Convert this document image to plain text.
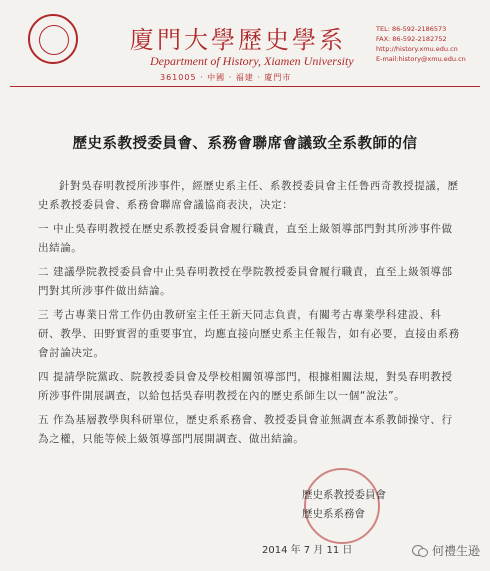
廈門大學歷史學系
Department of History, Xiamen University
361005 · 中國 · 福建 · 廈門市
TEL: 86-592-2186573
FAX: 86-592-2182752
http://history.xmu.edu.cn
E-mail:history@xmu.edu.cn
歷史系教授委員會、系務會聯席會議致全系教師的信

針對吳春明教授所涉事件，經歷史系主任、系教授委員會主任鲁西奇教授提議，歷史系教授委員會、系務會聯席會議協商表決，决定：

一 中止吳春明教授在歷史系教授委員會履行職責，直至上級領導部門對其所涉事件做出結論。

二 建議學院教授委員會中止吳春明教授在學院教授委員會履行職責，直至上級領導部門對其所涉事件做出結論。

三 考古專業日常工作仍由教研室主任王新天同志負責，有關考古專業學科建設、科研、教學、田野實習的重要事宜，均應直接向歷史系主任報告，如有必要，直接由系務會討論决定。

四 提請學院黨政、院教授委員會及學校相關領導部門，根據相關法規，對吳春明教授所涉事件開展調查，以給包括吳春明教授在內的歷史系師生以一個“說法”。

五 作為基層教學與科研單位，歷史系系務會、教授委員會並無調查本系教師操守、行為之權，只能等候上級領導部門展開調查、做出結論。

歷史系教授委員會
歷史系系務會
2014 年 7 月 11 日	何禮生逊
